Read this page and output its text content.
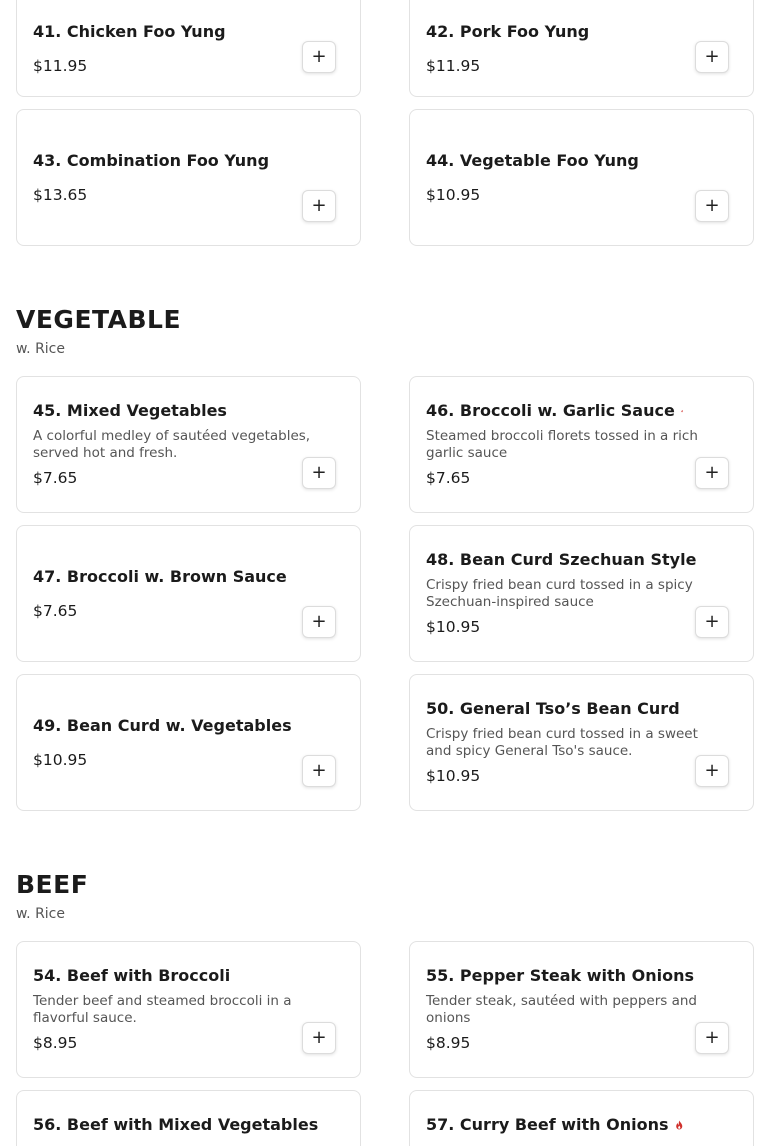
41. Chicken Foo Yung
$11.95	+
42. Pork Foo Yung
$11.95	+
43. Combination Foo Yung
$13.65
+
44. Vegetable Foo Yung
$10.95
+
VEGETABLE
w. Rice
45. Mixed Vegetables
A colorful medley of sautéed vegetables, served hot and fresh.
$7.65	+
46. Broccoli w. Garlic Sauce
Steamed broccoli florets tossed in a rich garlic sauce
$7.65	+
47. Broccoli w. Brown Sauce
$7.65
+
48. Bean Curd Szechuan Style
Crispy fried bean curd tossed in a spicy Szechuan-inspired sauce
$10.95	+
49. Bean Curd w. Vegetables
$10.95
+
50. General Tso’s Bean Curd
Crispy fried bean curd tossed in a sweet and spicy General Tso's sauce.
$10.95	+
BEEF
w. Rice
54. Beef with Broccoli
Tender beef and steamed broccoli in a flavorful sauce.
$8.95	+
55. Pepper Steak with Onions
Tender steak, sautéed with peppers and onions
$8.95	+
56. Beef with Mixed Vegetables	57. Curry Beef with Onions
